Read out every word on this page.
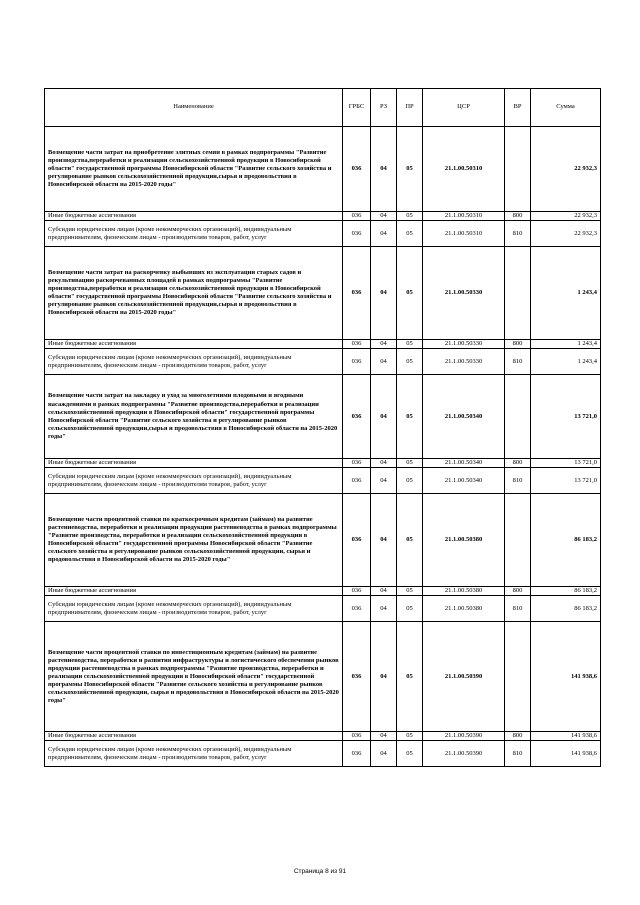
Наименование	ГРБС	РЗ	ПР	ЦСР	ВР	Сумма
Возмещение части затрат на приобретение элитных семян в рамках подпрограммы "Развитие производства,переработки и реализации сельскохозяйственной продукции в Новосибирской области" государственной программы Новосибирской области "Развитие сельского хозяйства и регулирование рынков сельскохозяйственной продукции,сырья и продовольствия в Новосибирской области на 2015-2020 годы"	036	04	05	21.1.00.50310		22 932,3
Иные бюджетные ассигнования	036	04	05	21.1.00.50310	800	22 932,3
Субсидии юридическим лицам (кроме некоммерческих организаций), индивидуальным предпринимателям, физическим лицам - производителям товаров, работ, услуг	036	04	05	21.1.00.50310	810	22 932,3
Возмещение части затрат на раскорчевку выбывших из эксплуатации старых садов и рекультивацию раскорчеванных площадей в рамках подпрограммы "Развитие производства,переработки и реализации сельскохозяйственной продукции в Новосибирской области" государственной программы Новосибирской области "Развитие сельского хозяйства и регулирование рынков сельскохозяйственной продукции,сырья и продовольствия в Новосибирской области на 2015-2020 годы"	036	04	05	21.1.00.50330		1 243,4
Иные бюджетные ассигнования	036	04	05	21.1.00.50330	800	1 243,4
Субсидии юридическим лицам (кроме некоммерческих организаций), индивидуальным предпринимателям, физическим лицам - производителям товаров, работ, услуг	036	04	05	21.1.00.50330	810	1 243,4
Возмещение части затрат на закладку и уход за многолетними плодовыми и ягодными насаждениями в рамках подпрограммы "Развитие производства,переработки и реализации сельскохозяйственной продукции в Новосибирской области" государственной программы Новосибирской области "Развитие сельского хозяйства и регулирование рынков сельскохозяйственной продукции,сырья и продовольствия в Новосибирской области на 2015-2020 годы"	036	04	05	21.1.00.50340		13 721,0
Иные бюджетные ассигнования	036	04	05	21.1.00.50340	800	13 721,0
Субсидии юридическим лицам (кроме некоммерческих организаций), индивидуальным предпринимателям, физическим лицам - производителям товаров, работ, услуг	036	04	05	21.1.00.50340	810	13 721,0
Возмещение части процентной ставки по краткосрочным кредитам (займам) на развитие растениеводства, переработки и реализации продукции растениеводства в рамках подпрограммы "Развитие производства, переработки и реализации сельскохозяйственной продукции в Новосибирской области" государственной программы Новосибирской области "Развитие сельского хозяйства и регулирование рынков сельскохозяйственной продукции, сырья и продовольствия в Новосибирской области на 2015-2020 годы"	036	04	05	21.1.00.50380		86 183,2
Иные бюджетные ассигнования	036	04	05	21.1.00.50380	800	86 183,2
Субсидии юридическим лицам (кроме некоммерческих организаций), индивидуальным предпринимателям, физическим лицам - производителям товаров, работ, услуг	036	04	05	21.1.00.50380	810	86 183,2
Возмещение части процентной ставки по инвестиционным кредитам (займам) на развитие растениеводства, переработки и развития инфраструктуры и логистического обеспечения рынков продукции растениеводства в рамках подпрограммы "Развитие производства, переработки и реализации сельскохозяйственной продукции в Новосибирской области" государственной программы Новосибирской области "Развитие сельского хозяйства и регулирование рынков сельскохозяйственной продукции, сырья и продовольствия в Новосибирской области на 2015-2020 годы"	036	04	05	21.1.00.50390		141 938,6
Иные бюджетные ассигнования	036	04	05	21.1.00.50390	800	141 938,6
Субсидии юридическим лицам (кроме некоммерческих организаций), индивидуальным предпринимателям, физическим лицам - производителям товаров, работ, услуг	036	04	05	21.1.00.50390	810	141 938,6
Страница 8 из 91
